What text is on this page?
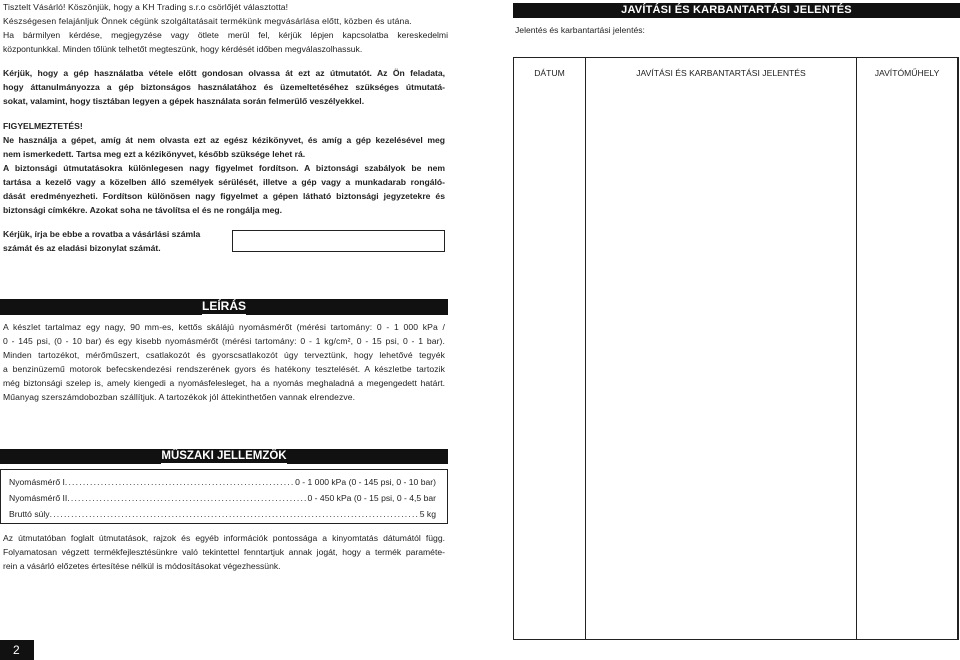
Tisztelt Vásárló! Köszönjük, hogy a KH Trading s.r.o csörlőjét választotta!

Készségesen felajánljuk Önnek cégünk szolgáltatásait termékünk megvásárlása előtt, közben és utána.

Ha bármilyen kérdése, megjegyzése vagy ötlete merül fel, kérjük lépjen kapcsolatba kereskedelmi

központunkkal. Minden tőlünk telhetőt megteszünk, hogy kérdését időben megválaszolhassuk.

Kérjük, hogy a gép használatba vétele előtt gondosan olvassa át ezt az útmutatót. Az Ön feladata,

hogy áttanulmányozza a gép biztonságos használatához és üzemeltetéséhez szükséges útmutatá-

sokat, valamint, hogy tisztában legyen a gépek használata során felmerülő veszélyekkel.

FIGYELMEZTETÉS!

Ne használja a gépet, amíg át nem olvasta ezt az egész kézikönyvet, és amíg a gép kezelésével meg

nem ismerkedett. Tartsa meg ezt a kézikönyvet, később szüksége lehet rá.

A biztonsági útmutatásokra különlegesen nagy figyelmet fordítson. A biztonsági szabályok be nem

tartása a kezelő vagy a közelben álló személyek sérülését, illetve a gép vagy a munkadarab rongáló-

dását eredményezheti. Fordítson különösen nagy figyelmet a gépen látható biztonsági jegyzetekre és

biztonsági címkékre. Azokat soha ne távolítsa el és ne rongálja meg.

Kérjük, írja be ebbe a rovatba a vásárlási számla

számát és az eladási bizonylat számát.

LEÍRÁS

A készlet tartalmaz egy nagy, 90 mm-es, kettős skálájú nyomásmérőt (mérési tartomány: 0 - 1 000 kPa /

0 - 145 psi, (0 - 10 bar) és egy kisebb nyomásmérőt (mérési tartomány: 0 - 1 kg/cm², 0 - 15 psi, 0 - 1 bar).

Minden tartozékot, mérőműszert, csatlakozót és gyorscsatlakozót úgy terveztünk, hogy lehetővé tegyék

a benzinüzemű motorok befecskendezési rendszerének gyors és hatékony tesztelését. A készletbe tartozik

még biztonsági szelep is, amely kiengedi a nyomásfelesleget, ha a nyomás meghaladná a megengedett határt.

Műanyag szerszámdobozban szállítjuk. A tartozékok jól áttekinthetően vannak elrendezve.

MŰSZAKI JELLEMZŐK
Nyomásmérő I .....	0 - 1 000 kPa (0 - 145 psi, 0 - 10 bar)
Nyomásmérő II .....	0 - 450 kPa (0 - 15 psi, 0 - 4,5 bar
Bruttó súly .....	5 kg

Az útmutatóban foglalt útmutatások, rajzok és egyéb információk pontossága a kinyomtatás dátumától függ.

Folyamatosan végzett termékfejlesztésünkre való tekintettel fenntartjuk annak jogát, hogy a termék paraméte-

rein a vásárló előzetes értesítése nélkül is módosításokat végezhessünk.

2
JAVÍTÁSI ÉS KARBANTARTÁSI JELENTÉS

Jelentés és karbantartási jelentés:

DÁTUM	JAVÍTÁSI ÉS KARBANTARTÁSI JELENTÉS	JAVÍTÓMŰHELY
